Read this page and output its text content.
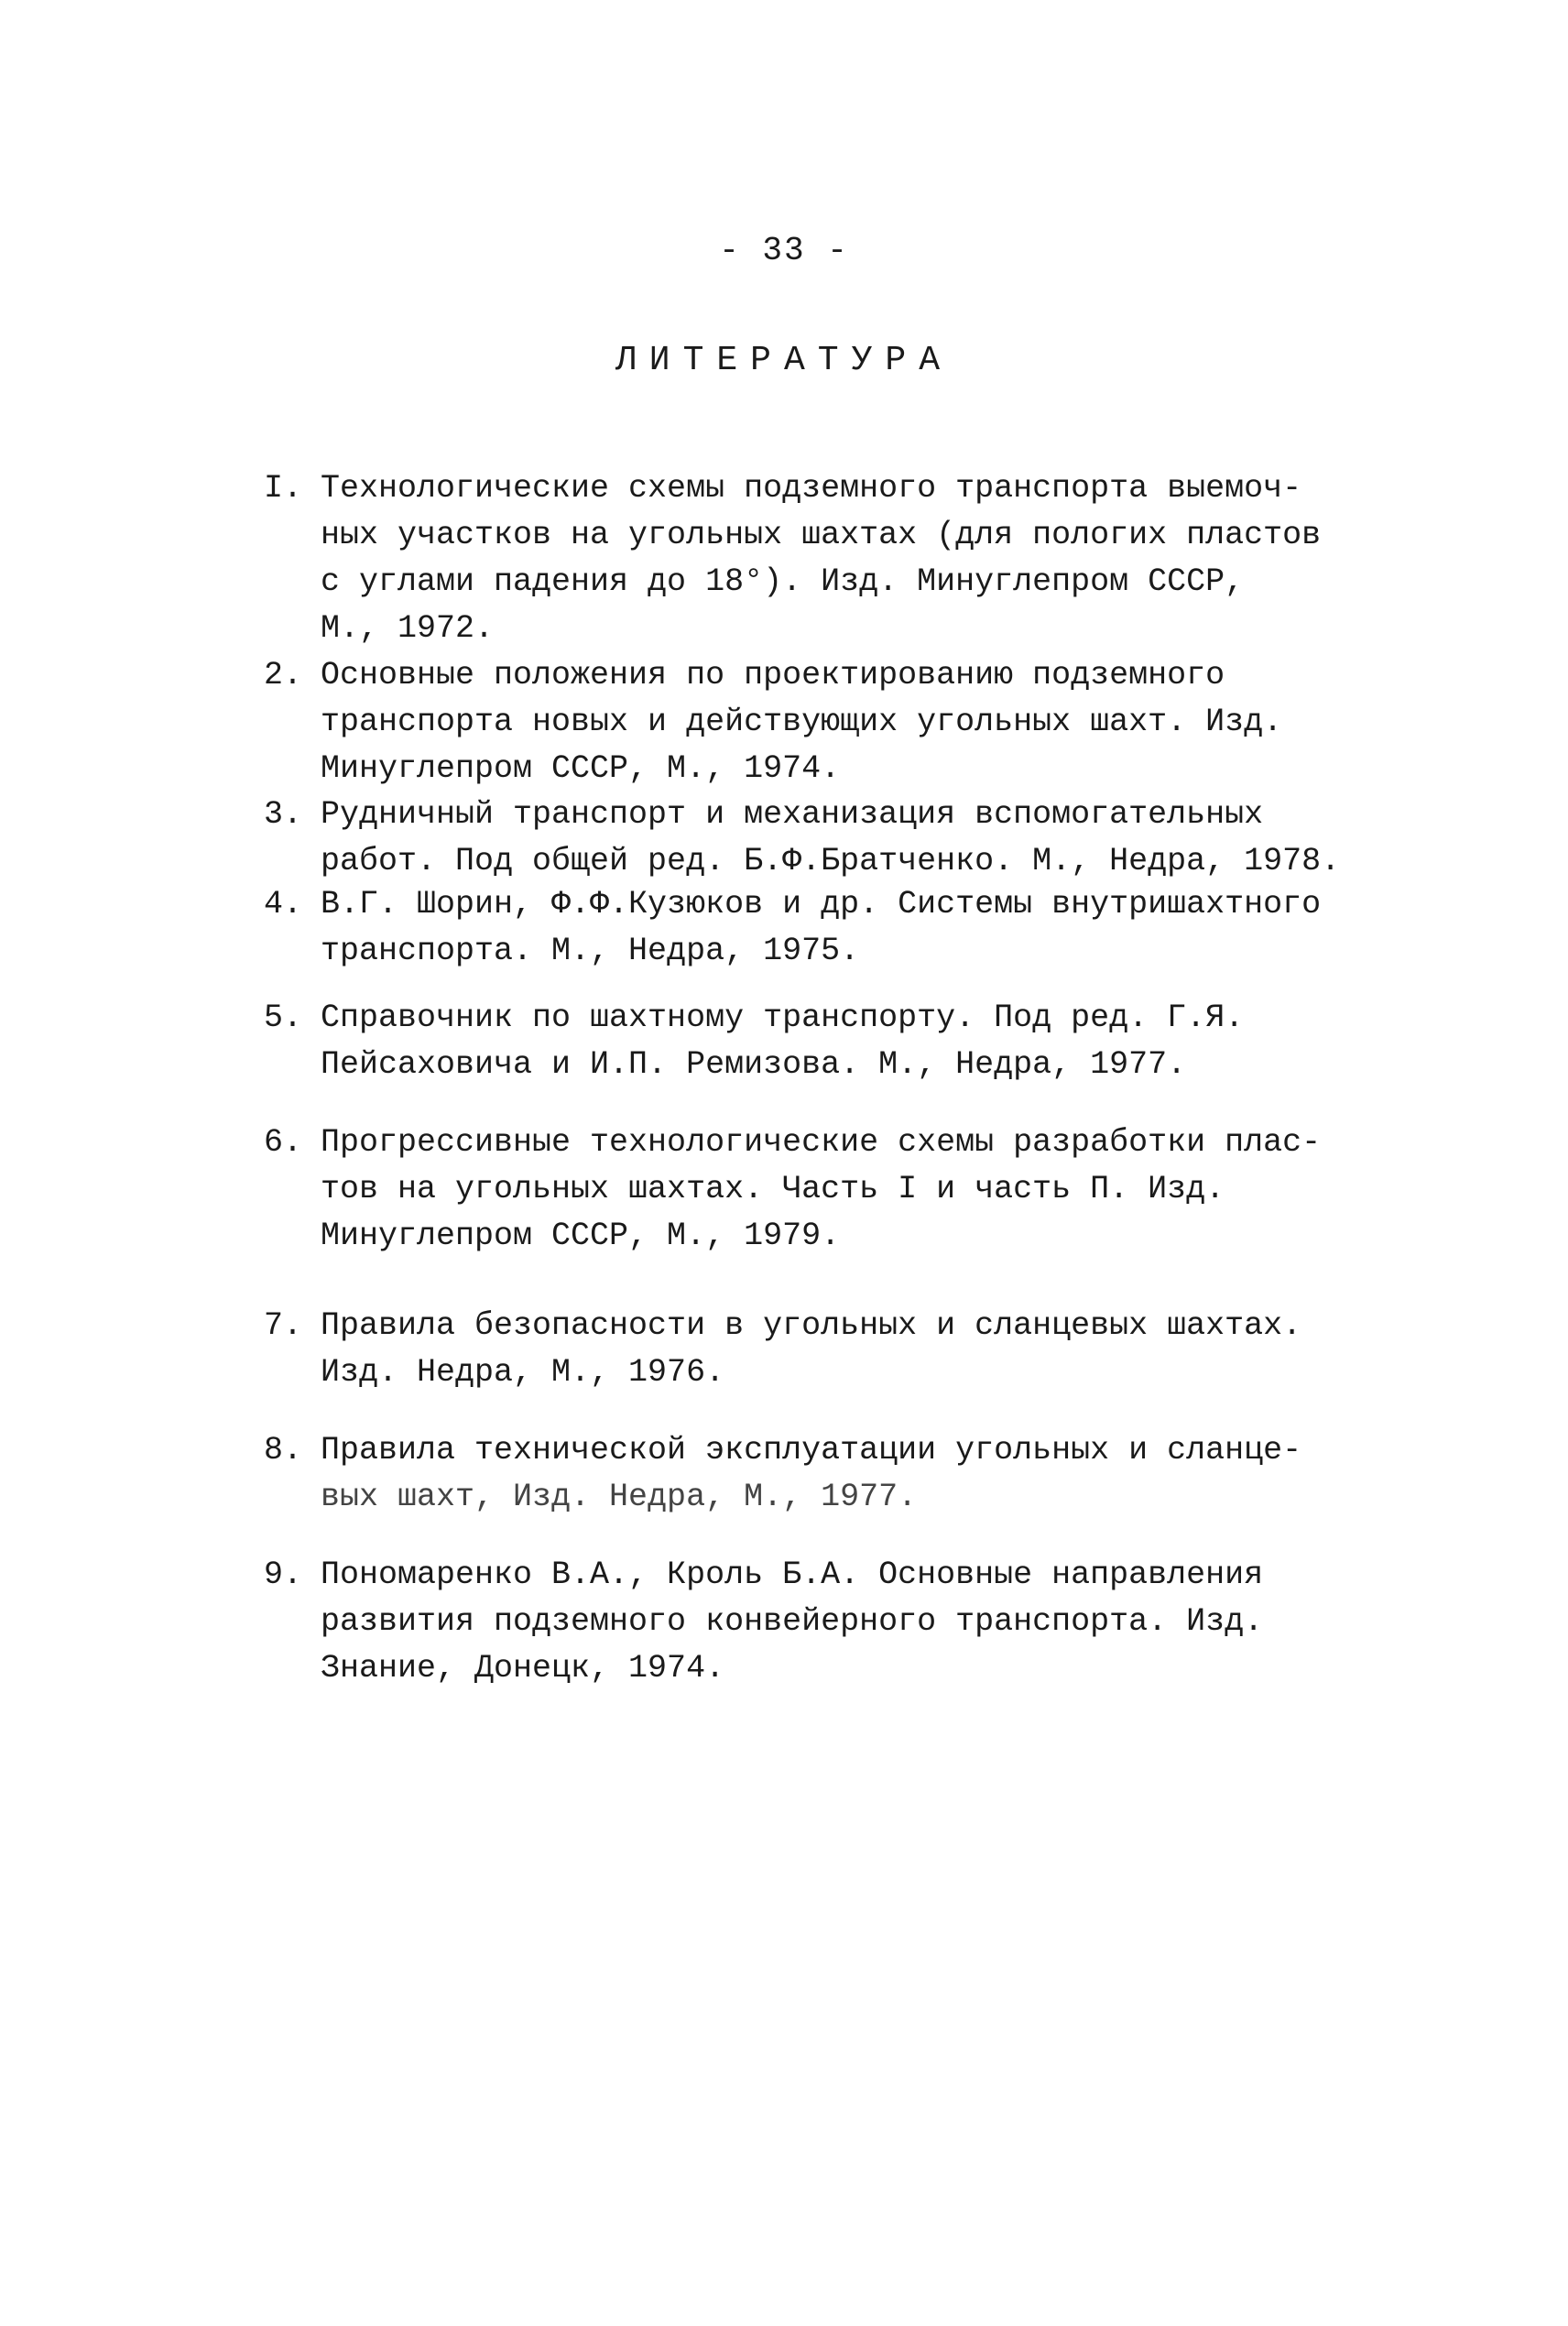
- 33 -
ЛИТЕРАТУРА
I. Технологические схемы подземного транспорта выемоч-
ных участков на угольных шахтах (для пологих пластов
с углами падения до 18°). Изд. Минуглепром СССР,
М., 1972.
2. Основные положения по проектированию подземного
транспорта новых и действующих угольных шахт. Изд.
Минуглепром СССР, М., 1974.
3. Рудничный транспорт и механизация вспомогательных
работ. Под общей ред. Б.Ф.Братченко. М., Недра, 1978.
4. В.Г. Шорин, Ф.Ф.Кузюков и др. Системы внутришахтного
транспорта. М., Недра, 1975.
5. Справочник по шахтному транспорту. Под ред. Г.Я.
Пейсаховича и И.П. Ремизова. М., Недра, 1977.
6. Прогрессивные технологические схемы разработки плас-
тов на угольных шахтах. Часть I и часть П. Изд.
Минуглепром СССР, М., 1979.
7. Правила безопасности в угольных и сланцевых шахтах.
Изд. Недра, М., 1976.
8. Правила технической эксплуатации угольных и сланце-
вых шахт, Изд. Недра, М., 1977.
9. Пономаренко В.А., Кроль Б.А. Основные направления
развития подземного конвейерного транспорта. Изд.
Знание, Донецк, 1974.
